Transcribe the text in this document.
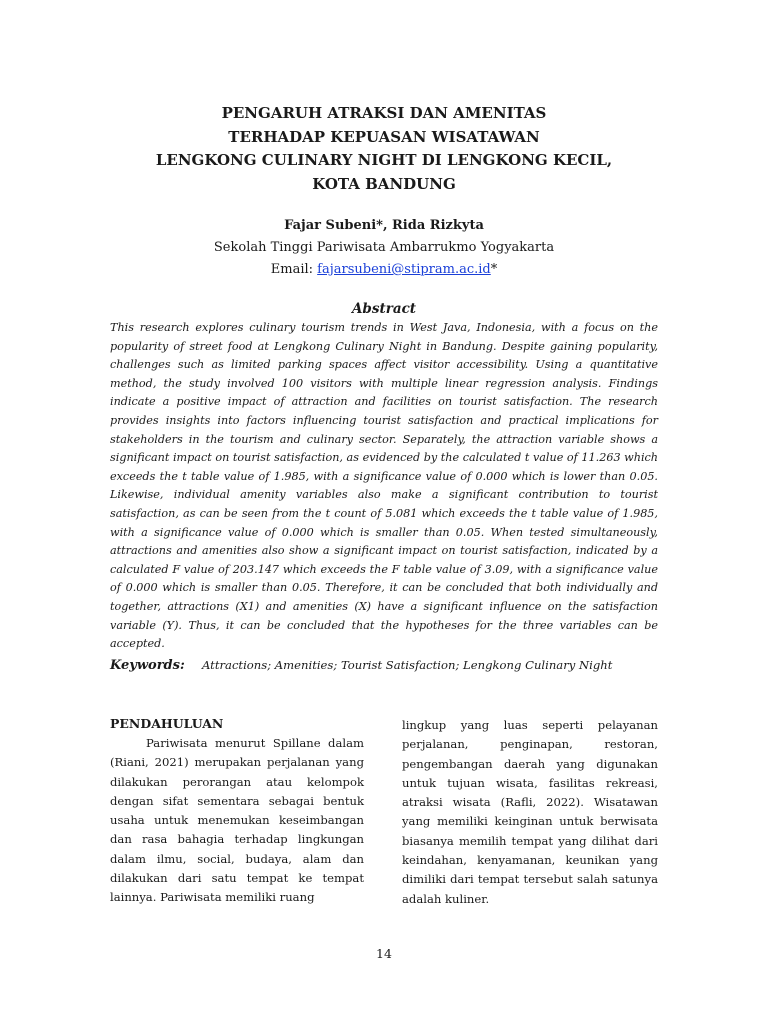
PENGARUH ATRAKSI DAN AMENITAS
TERHADAP KEPUASAN WISATAWAN
LENGKONG CULINARY NIGHT DI LENGKONG KECIL,
KOTA BANDUNG

Fajar Subeni*, Rida Rizkyta

Sekolah Tinggi Pariwisata Ambarrukmo Yogyakarta

Email: fajarsubeni@stipram.ac.id*

Abstract

This research explores culinary tourism trends in West Java, Indonesia, with a focus on the popularity of street food at Lengkong Culinary Night in Bandung. Despite gaining popularity, challenges such as limited parking spaces affect visitor accessibility. Using a quantitative method, the study involved 100 visitors with multiple linear regression analysis. Findings indicate a positive impact of attraction and facilities on tourist satisfaction. The research provides insights into factors influencing tourist satisfaction and practical implications for stakeholders in the tourism and culinary sector. Separately, the attraction variable shows a significant impact on tourist satisfaction, as evidenced by the calculated t value of 11.263 which exceeds the t table value of 1.985, with a significance value of 0.000 which is lower than 0.05. Likewise, individual amenity variables also make a significant contribution to tourist satisfaction, as can be seen from the t count of 5.081 which exceeds the t table value of 1.985, with a significance value of 0.000 which is smaller than 0.05. When tested simultaneously, attractions and amenities also show a significant impact on tourist satisfaction, indicated by a calculated F value of 203.147 which exceeds the F table value of 3.09, with a significance value of 0.000 which is smaller than 0.05. Therefore, it can be concluded that both individually and together, attractions (X1) and amenities (X) have a significant influence on the satisfaction variable (Y). Thus, it can be concluded that the hypotheses for the three variables can be accepted.

Keywords: Attractions; Amenities; Tourist Satisfaction; Lengkong Culinary Night

PENDAHULUAN

Pariwisata menurut Spillane dalam (Riani, 2021) merupakan perjalanan yang dilakukan perorangan atau kelompok dengan sifat sementara sebagai bentuk usaha untuk menemukan keseimbangan dan rasa bahagia terhadap lingkungan dalam ilmu, social, budaya, alam dan dilakukan dari satu tempat ke tempat lainnya. Pariwisata memiliki ruang

lingkup yang luas seperti pelayanan perjalanan, penginapan, restoran, pengembangan daerah yang digunakan untuk tujuan wisata, fasilitas rekreasi, atraksi wisata (Rafli, 2022). Wisatawan yang memiliki keinginan untuk berwisata biasanya memilih tempat yang dilihat dari keindahan, kenyamanan, keunikan yang dimiliki dari tempat tersebut salah satunya adalah kuliner.

14
